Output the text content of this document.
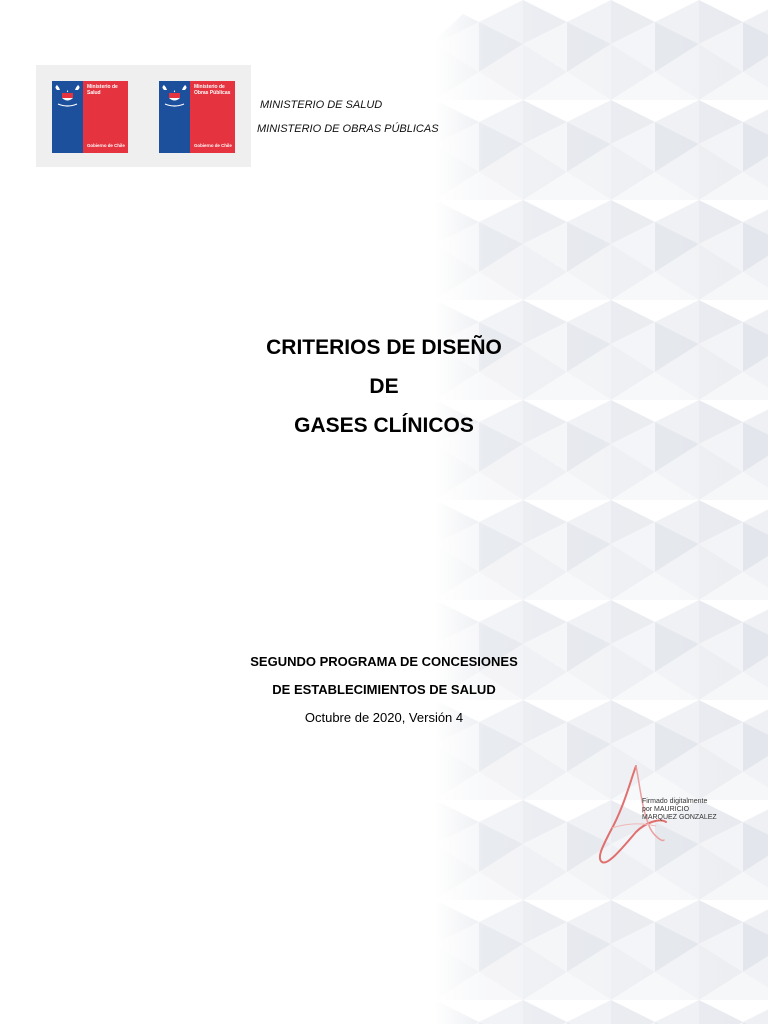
Ministerio de
Salud
Gobierno de Chile
Ministerio de
Obras Públicas
Gobierno de Chile
MINISTERIO DE SALUD
MINISTERIO DE OBRAS PÚBLICAS
CRITERIOS DE DISEÑO
DE
GASES CLÍNICOS
SEGUNDO PROGRAMA DE CONCESIONES
DE ESTABLECIMIENTOS DE SALUD
Octubre de 2020, Versión 4
Firmado digitalmente
por MAURICIO
MARQUEZ GONZALEZ
